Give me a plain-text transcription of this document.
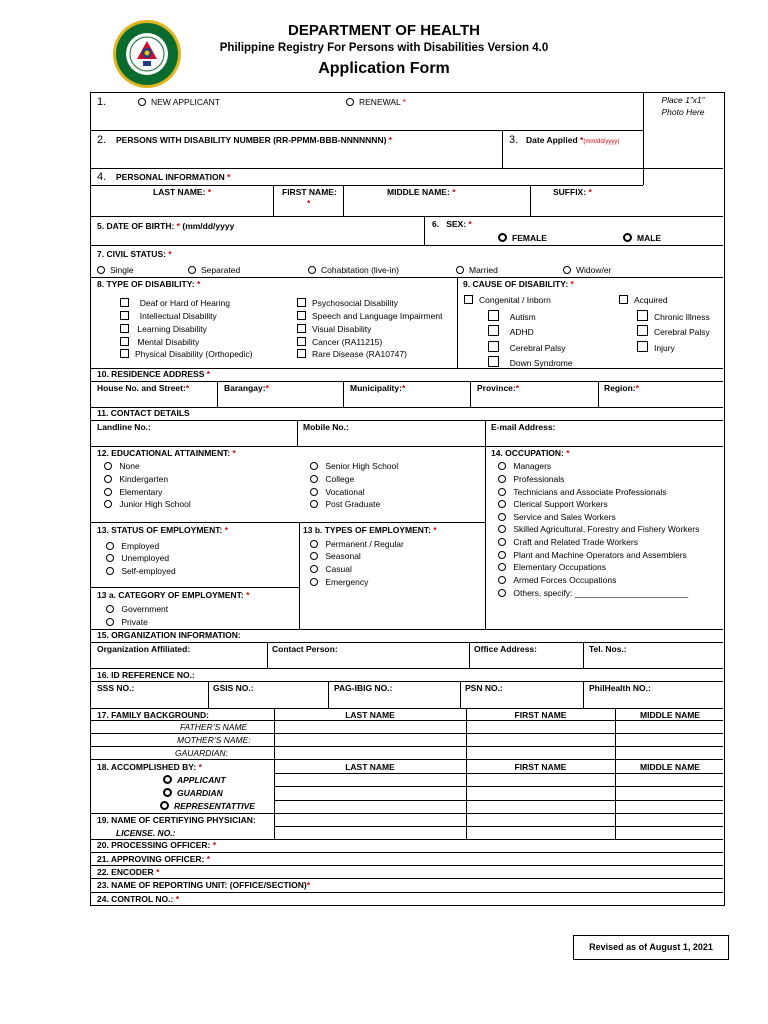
DEPARTMENT OF HEALTH
Philippine Registry For Persons with Disabilities Version 4.0
Application Form
Place 1”x1”
Photo Here
1.	NEW APPLICANT	RENEWAL *
2. PERSONS WITH DISABILITY NUMBER (RR-PPMM-BBB-NNNNNNN) *	3. Date Applied *(mm/dd/yyyy)
4. PERSONAL INFORMATION *
LAST NAME: *	FIRST NAME:
*
MIDDLE NAME: *	SUFFIX: *
5. DATE OF BIRTH: * (mm/dd/yyyy	6. SEX: *
FEMALE	MALE
7. CIVIL STATUS: *
Single	Separated	Cohabitation (live-in)	Married	Widow/er
8. TYPE OF DISABILITY: *
Deaf or Hard of Hearing
Intellectual Disability
Learning Disability
Mental Disability
Physical Disability (Orthopedic)
Psychosocial Disability
Speech and Language Impairment
Visual Disability
Cancer (RA11215)
Rare Disease (RA10747)
9. CAUSE OF DISABILITY: *
Congenital / Inborn	Acquired
Autism
ADHD
Cerebral Palsy
Down Syndrome
Chronic Illness
Cerebral Palsy
Injury
10. RESIDENCE ADDRESS *
House No. and Street:*	Barangay:*	Municipality:*	Province:*	Region:*
11. CONTACT DETAILS
Landline No.:	Mobile No.:	E-mail Address:
12. EDUCATIONAL ATTAINMENT: *
None
Kindergarten
Elementary
Junior High School
Senior High School
College
Vocational
Post Graduate
14. OCCUPATION: *
Managers
Professionals
Technicians and Associate Professionals
Clerical Support Workers
Service and Sales Workers
Skilled Agricultural, Forestry and Fishery Workers
Craft and Related Trade Workers
Plant and Machine Operators and Assemblers
Elementary Occupations
Armed Forces Occupations
Others, specify: ________________________
13. STATUS OF EMPLOYMENT: *
Employed
Unemployed
Self-employed
13 b. TYPES OF EMPLOYMENT: *
Permanent / Regular
Seasonal
Casual
Emergency
13 a. CATEGORY OF EMPLOYMENT: *
Government
Private
15. ORGANIZATION INFORMATION:
Organization Affiliated:	Contact Person:	Office Address:	Tel. Nos.:
16. ID REFERENCE NO.:
SSS NO.:	GSIS NO.:	PAG-IBIG NO.:	PSN NO.:	PhilHealth NO.:
17. FAMILY BACKGROUND:	LAST NAME	FIRST NAME	MIDDLE NAME
FATHER’S NAME
MOTHER’S NAME:
GAUARDIAN:
18. ACCOMPLISHED BY: *	LAST NAME	FIRST NAME	MIDDLE NAME
APPLICANT
GUARDIAN
REPRESENTATTIVE
19. NAME OF CERTIFYING PHYSICIAN:
LICENSE. NO.:
20. PROCESSING OFFICER: *
21. APPROVING OFFICER: *
22. ENCODER *
23. NAME OF REPORTING UNIT: (OFFICE/SECTION)*
24. CONTROL NO.: *
Revised as of August 1, 2021
